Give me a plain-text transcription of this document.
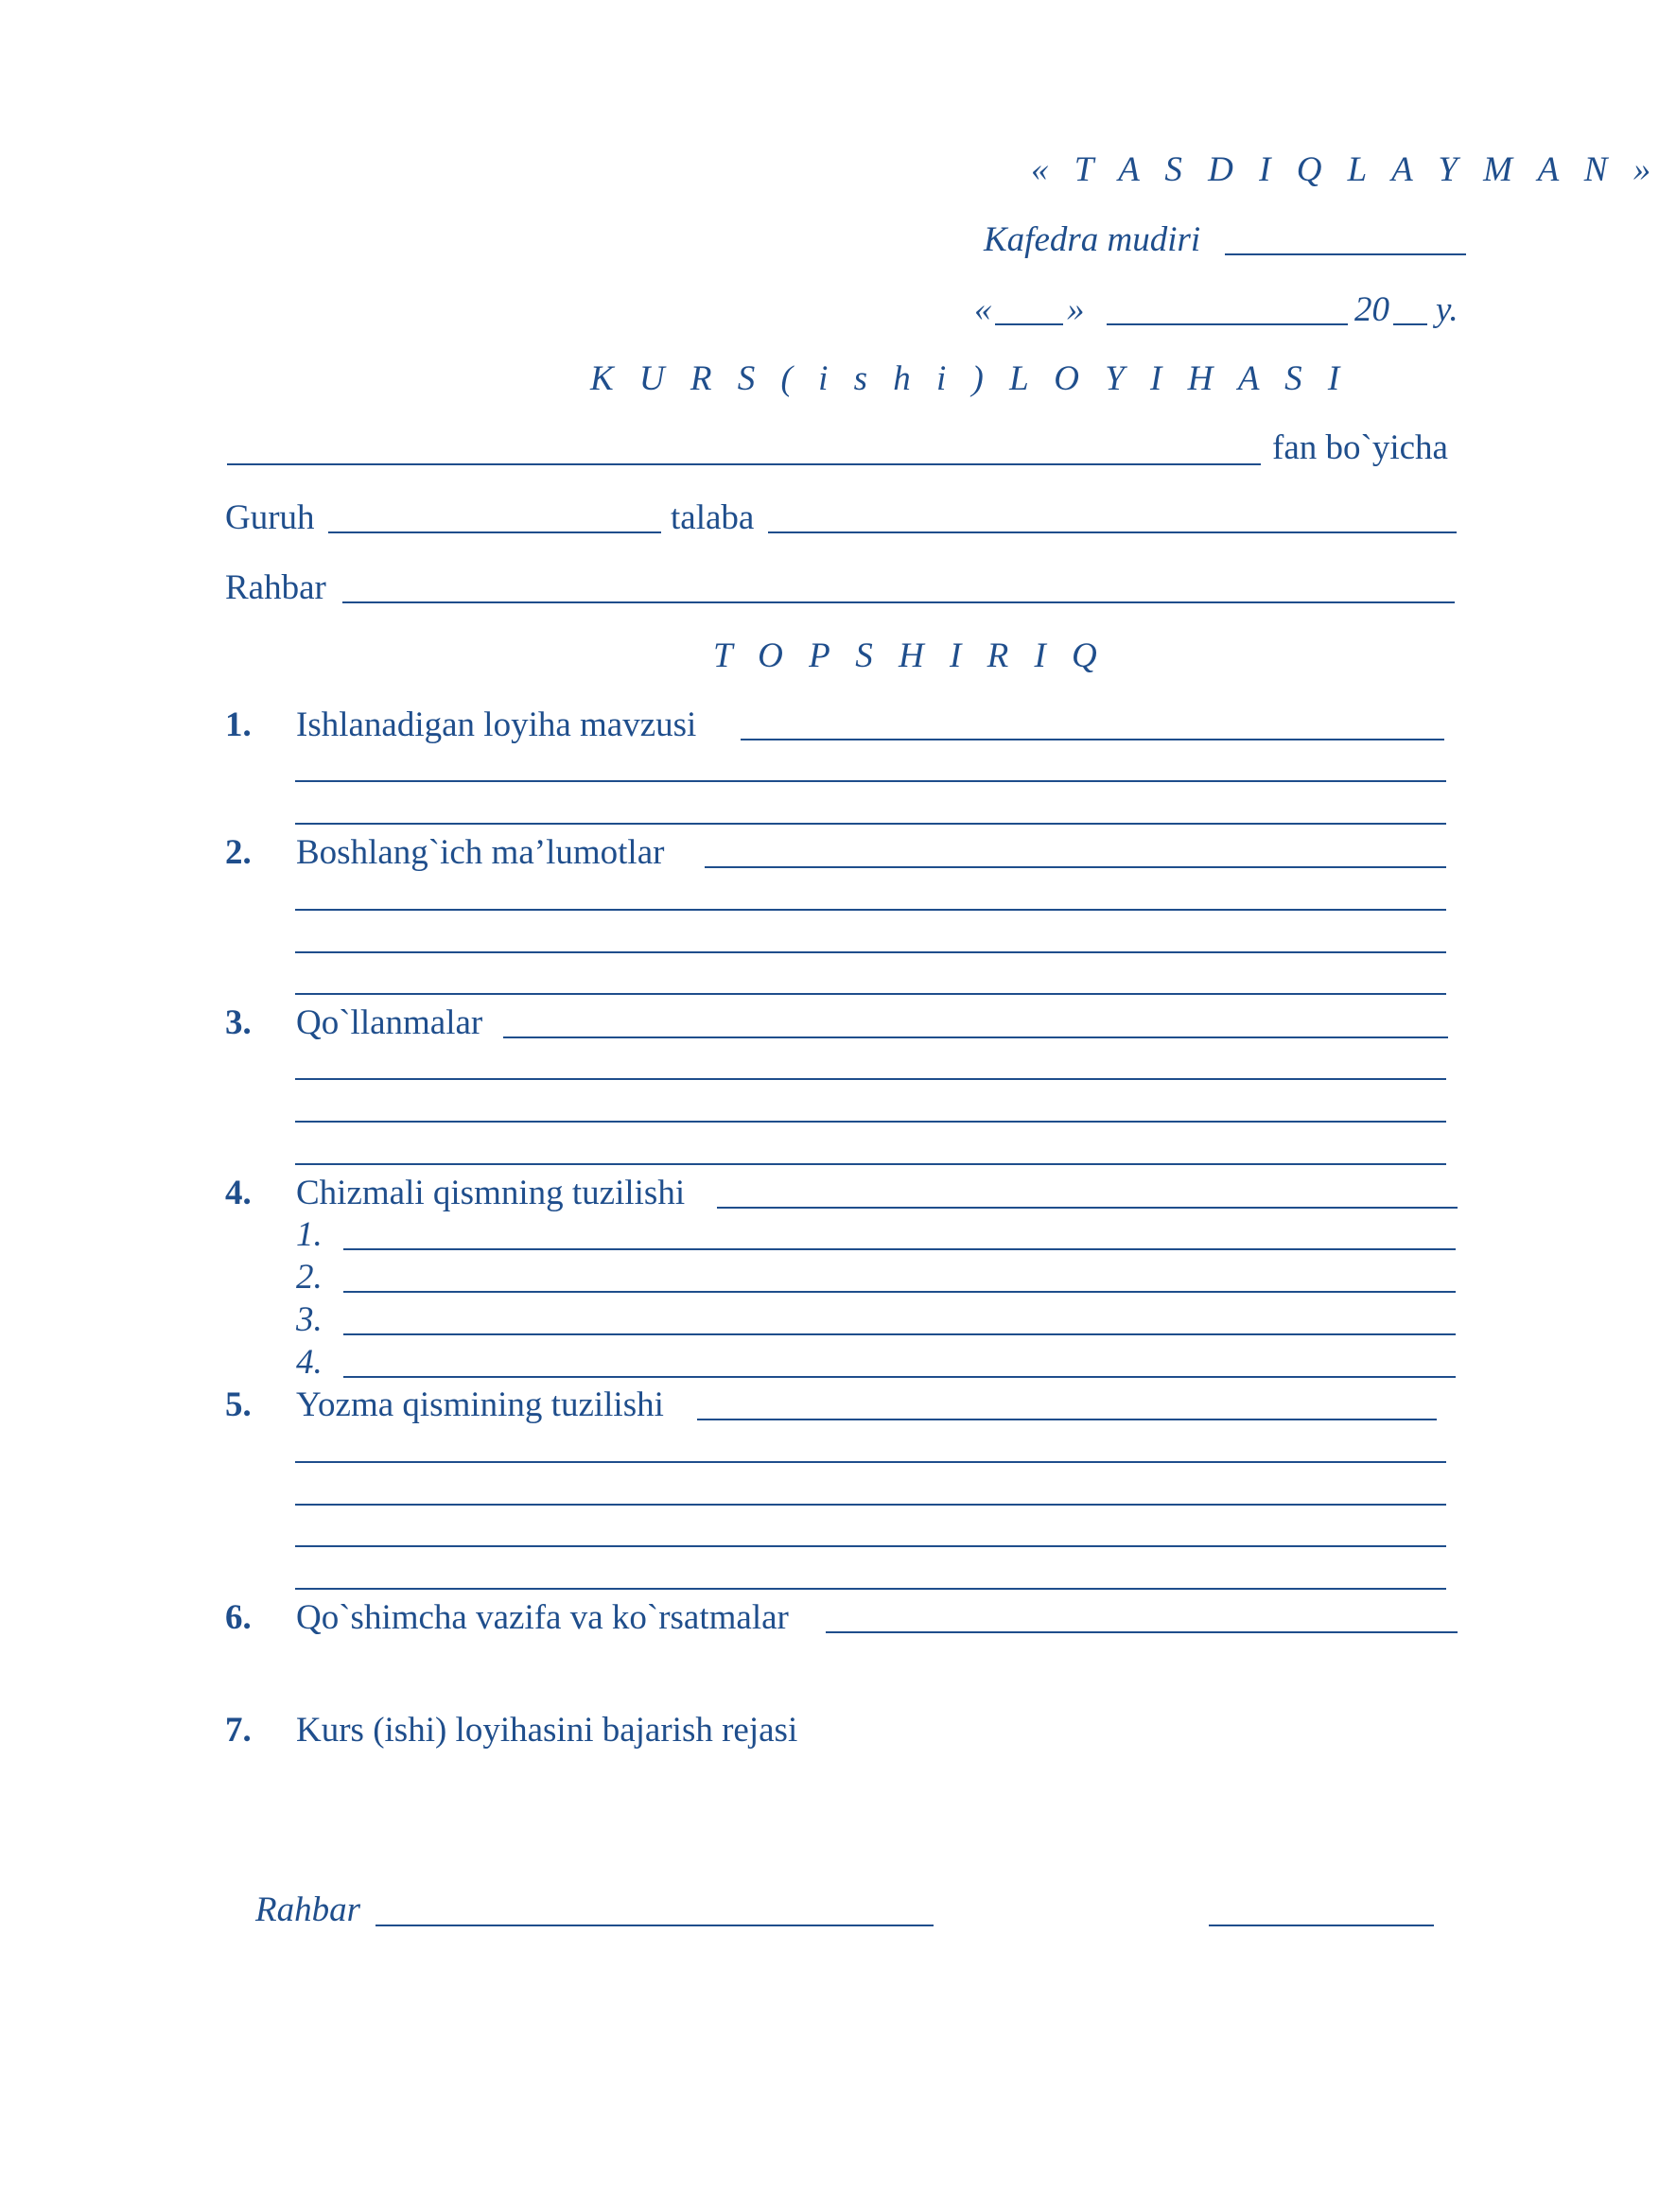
« T A S D I Q L A Y M A N »
Kafedra mudiri
« »	20 y.
K U R S ( i s h i ) L O Y I H A S I
fan bo`yicha
Guruh	talaba
Rahbar
T O P S H I R I Q
1. Ishlanadigan loyiha mavzusi
2. Boshlang`ich ma’lumotlar
3. Qo`llanmalar
4. Chizmali qismning tuzilishi
1.
2.
3.
4.
5. Yozma qismining tuzilishi
6. Qo`shimcha vazifa va ko`rsatmalar
7. Kurs (ishi) loyihasini bajarish rejasi
Rahbar
